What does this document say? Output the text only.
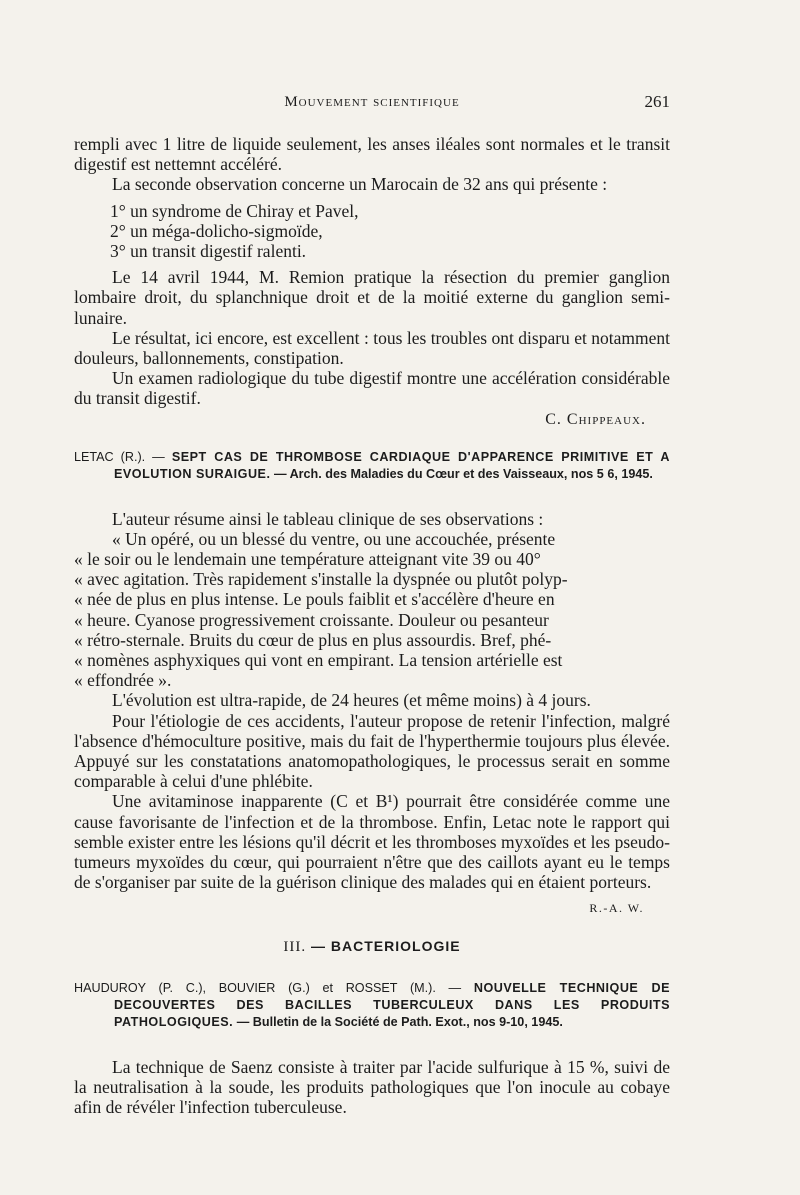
Mouvement scientifique	261

rempli avec 1 litre de liquide seulement, les anses iléales sont normales et le transit digestif est nettemnt accéléré.

La seconde observation concerne un Marocain de 32 ans qui présente :

1° un syndrome de Chiray et Pavel,
2° un méga-dolicho-sigmoïde,
3° un transit digestif ralenti.

Le 14 avril 1944, M. Remion pratique la résection du premier ganglion lombaire droit, du splanchnique droit et de la moitié externe du ganglion semi-lunaire.

Le résultat, ici encore, est excellent : tous les troubles ont disparu et notamment douleurs, ballonnements, constipation.

Un examen radiologique du tube digestif montre une accélération considérable du transit digestif.

C. Chippeaux.
LETAC (R.). — SEPT CAS DE THROMBOSE CARDIAQUE D'APPARENCE PRIMITIVE ET A EVOLUTION SURAIGUE. — Arch. des Maladies du Cœur et des Vaisseaux, nos 5 6, 1945.

L'auteur résume ainsi le tableau clinique de ses observations :

« Un opéré, ou un blessé du ventre, ou une accouchée, présente

« le soir ou le lendemain une température atteignant vite 39 ou 40°

« avec agitation. Très rapidement s'installe la dyspnée ou plutôt polyp-

« née de plus en plus intense. Le pouls faiblit et s'accélère d'heure en

« heure. Cyanose progressivement croissante. Douleur ou pesanteur

« rétro-sternale. Bruits du cœur de plus en plus assourdis. Bref, phé-

« nomènes asphyxiques qui vont en empirant. La tension artérielle est

« effondrée ».

L'évolution est ultra-rapide, de 24 heures (et même moins) à 4 jours.

Pour l'étiologie de ces accidents, l'auteur propose de retenir l'infection, malgré l'absence d'hémoculture positive, mais du fait de l'hyperthermie toujours plus élevée. Appuyé sur les constatations anatomopathologiques, le processus serait en somme comparable à celui d'une phlébite.

Une avitaminose inapparente (C et B¹) pourrait être considérée comme une cause favorisante de l'infection et de la thrombose. Enfin, Letac note le rapport qui semble exister entre les lésions qu'il décrit et les thromboses myxoïdes et les pseudo-tumeurs myxoïdes du cœur, qui pourraient n'être que des caillots ayant eu le temps de s'organiser par suite de la guérison clinique des malades qui en étaient porteurs.

R.-A. W.
III. — BACTERIOLOGIE
HAUDUROY (P. C.), BOUVIER (G.) et ROSSET (M.). — NOUVELLE TECHNIQUE DE DECOUVERTES DES BACILLES TUBERCULEUX DANS LES PRODUITS PATHOLOGIQUES. — Bulletin de la Société de Path. Exot., nos 9-10, 1945.

La technique de Saenz consiste à traiter par l'acide sulfurique à 15 %, suivi de la neutralisation à la soude, les produits pathologiques que l'on inocule au cobaye afin de révéler l'infection tuberculeuse.
